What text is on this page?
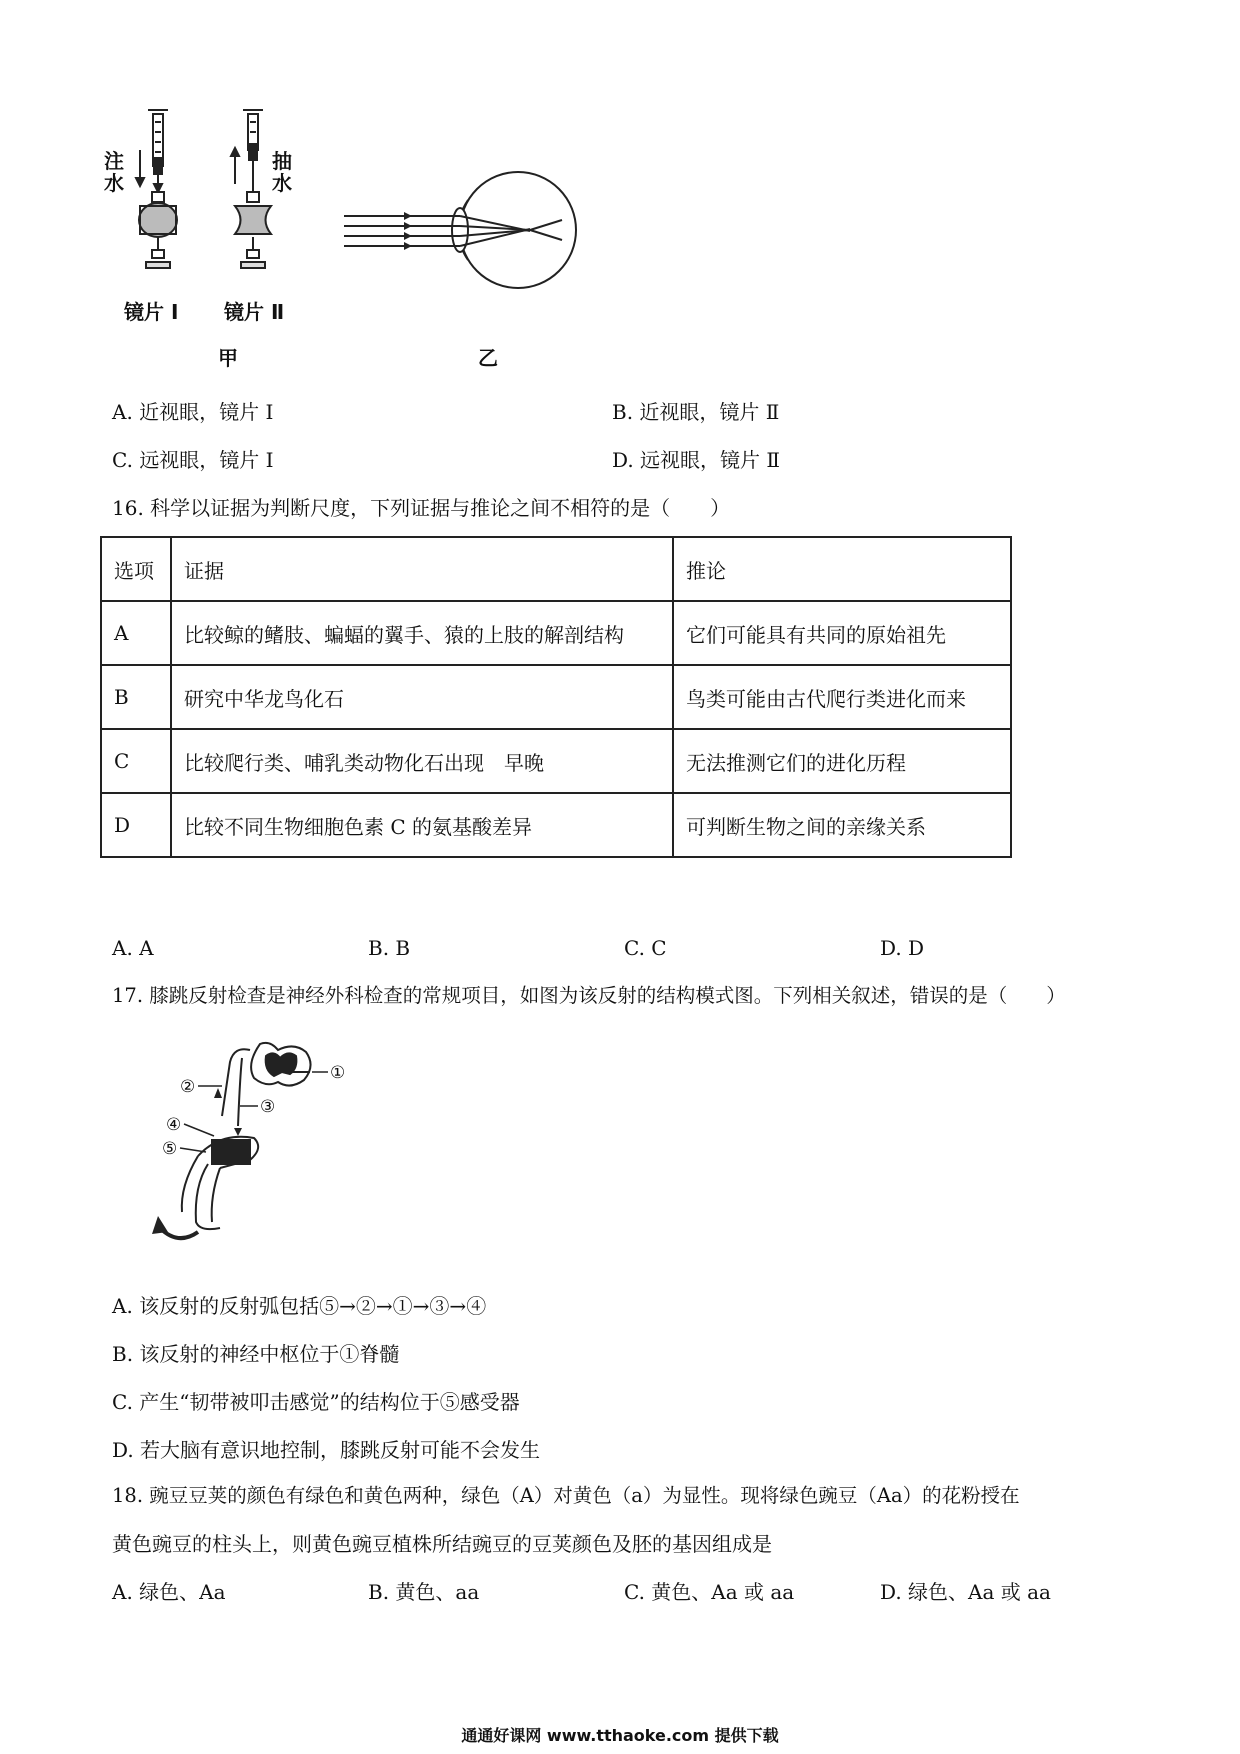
注水
抽水
镜片 Ⅰ 镜片 Ⅱ
甲	乙
A. 近视眼，镜片 Ⅰ	B. 近视眼，镜片 Ⅱ
C. 远视眼，镜片 Ⅰ	D. 远视眼，镜片 Ⅱ
16. 科学以证据为判断尺度，下列证据与推论之间不相符的是（　　）
选项	证据	推论
A	比较鲸的鳍肢、蝙蝠的翼手、猿的上肢的解剖结构	它们可能具有共同的原始祖先
B	研究中华龙鸟化石	鸟类可能由古代爬行类进化而来
C	比较爬行类、哺乳类动物化石出现　早晚	无法推测它们的进化历程
D	比较不同生物细胞色素 C 的氨基酸差异	可判断生物之间的亲缘关系
A. A	B. B	C. C	D. D
17. 膝跳反射检查是神经外科检查的常规项目，如图为该反射的结构模式图。下列相关叙述，错误的是（　　）
①
②
③
④
⑤
A. 该反射的反射弧包括⑤→②→①→③→④
B. 该反射的神经中枢位于①脊髓
C. 产生“韧带被叩击感觉”的结构位于⑤感受器
D. 若大脑有意识地控制，膝跳反射可能不会发生
18. 豌豆豆荚的颜色有绿色和黄色两种，绿色（A）对黄色（a）为显性。现将绿色豌豆（Aa）的花粉授在
黄色豌豆的柱头上，则黄色豌豆植株所结豌豆的豆荚颜色及胚的基因组成是
A. 绿色、Aa	B. 黄色、aa	C. 黄色、Aa 或 aa	D. 绿色、Aa 或 aa
通通好课网 www.tthaoke.com 提供下载
